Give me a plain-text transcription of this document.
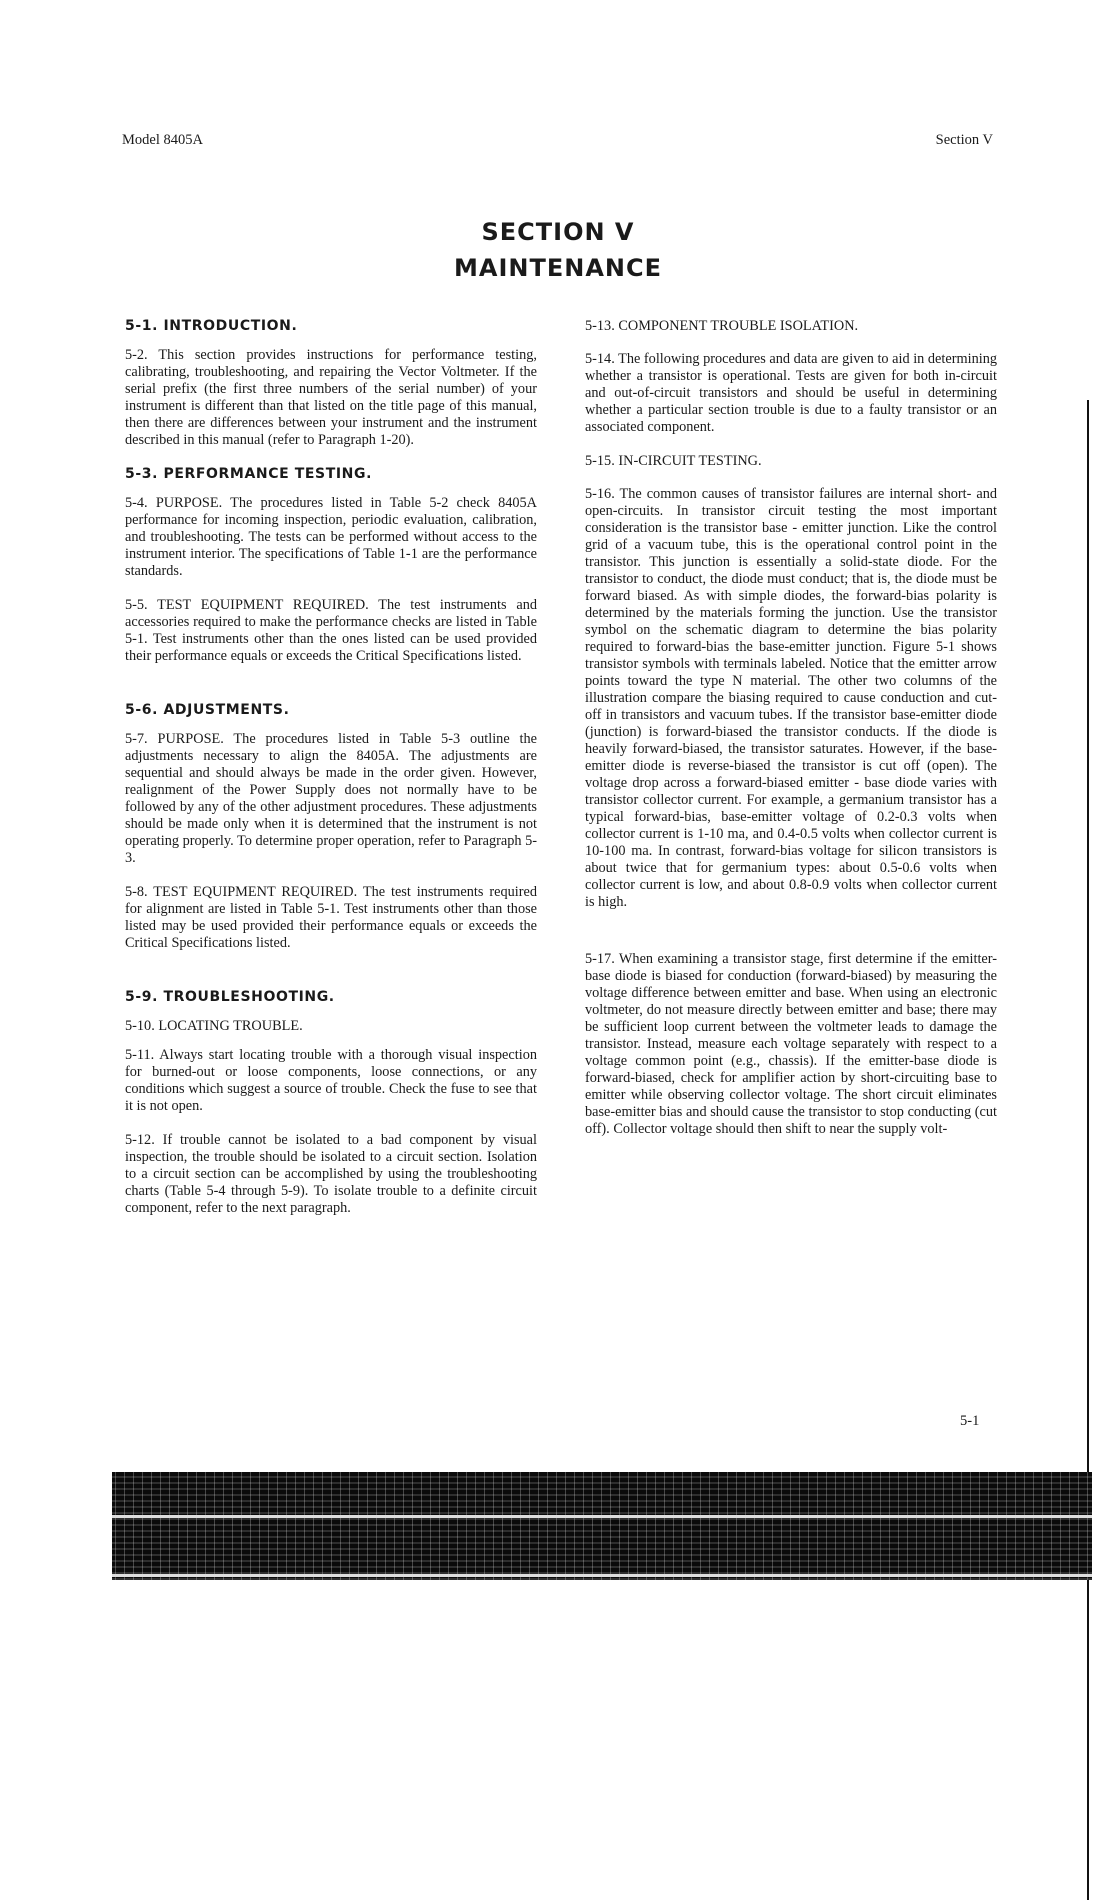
Model 8405A	Section V
SECTION V
MAINTENANCE
5-1. INTRODUCTION.
5-2. This section provides instructions for performance testing, calibrating, troubleshooting, and repairing the Vector Voltmeter. If the serial prefix (the first three numbers of the serial number) of your instrument is different than that listed on the title page of this manual, then there are differences between your instrument and the instrument described in this manual (refer to Paragraph 1-20).
5-3. PERFORMANCE TESTING.
5-4. PURPOSE. The procedures listed in Table 5-2 check 8405A performance for incoming inspection, periodic evaluation, calibration, and troubleshooting. The tests can be performed without access to the instrument interior. The specifications of Table 1-1 are the performance standards.
5-5. TEST EQUIPMENT REQUIRED. The test instruments and accessories required to make the performance checks are listed in Table 5-1. Test instruments other than the ones listed can be used provided their performance equals or exceeds the Critical Specifications listed.
5-6. ADJUSTMENTS.
5-7. PURPOSE. The procedures listed in Table 5-3 outline the adjustments necessary to align the 8405A. The adjustments are sequential and should always be made in the order given. However, realignment of the Power Supply does not normally have to be followed by any of the other adjustment procedures. These adjustments should be made only when it is determined that the instrument is not operating properly. To determine proper operation, refer to Paragraph 5-3.
5-8. TEST EQUIPMENT REQUIRED. The test instruments required for alignment are listed in Table 5-1. Test instruments other than those listed may be used provided their performance equals or exceeds the Critical Specifications listed.
5-9. TROUBLESHOOTING.
5-10. LOCATING TROUBLE.
5-11. Always start locating trouble with a thorough visual inspection for burned-out or loose components, loose connections, or any conditions which suggest a source of trouble. Check the fuse to see that it is not open.
5-12. If trouble cannot be isolated to a bad component by visual inspection, the trouble should be isolated to a circuit section. Isolation to a circuit section can be accomplished by using the troubleshooting charts (Table 5-4 through 5-9). To isolate trouble to a definite circuit component, refer to the next paragraph.
5-13. COMPONENT TROUBLE ISOLATION.
5-14. The following procedures and data are given to aid in determining whether a transistor is operational. Tests are given for both in-circuit and out-of-circuit transistors and should be useful in determining whether a particular section trouble is due to a faulty transistor or an associated component.
5-15. IN-CIRCUIT TESTING.
5-16. The common causes of transistor failures are internal short- and open-circuits. In transistor circuit testing the most important consideration is the transistor base - emitter junction. Like the control grid of a vacuum tube, this is the operational control point in the transistor. This junction is essentially a solid-state diode. For the transistor to conduct, the diode must conduct; that is, the diode must be forward biased. As with simple diodes, the forward-bias polarity is determined by the materials forming the junction. Use the transistor symbol on the schematic diagram to determine the bias polarity required to forward-bias the base-emitter junction. Figure 5-1 shows transistor symbols with terminals labeled. Notice that the emitter arrow points toward the type N material. The other two columns of the illustration compare the biasing required to cause conduction and cut-off in transistors and vacuum tubes. If the transistor base-emitter diode (junction) is forward-biased the transistor conducts. If the diode is heavily forward-biased, the transistor saturates. However, if the base-emitter diode is reverse-biased the transistor is cut off (open). The voltage drop across a forward-biased emitter - base diode varies with transistor collector current. For example, a germanium transistor has a typical forward-bias, base-emitter voltage of 0.2-0.3 volts when collector current is 1-10 ma, and 0.4-0.5 volts when collector current is 10-100 ma. In contrast, forward-bias voltage for silicon transistors is about twice that for germanium types: about 0.5-0.6 volts when collector current is low, and about 0.8-0.9 volts when collector current is high.
5-17. When examining a transistor stage, first determine if the emitter-base diode is biased for conduction (forward-biased) by measuring the voltage difference between emitter and base. When using an electronic voltmeter, do not measure directly between emitter and base; there may be sufficient loop current between the voltmeter leads to damage the transistor. Instead, measure each voltage separately with respect to a voltage common point (e.g., chassis). If the emitter-base diode is forward-biased, check for amplifier action by short-circuiting base to emitter while observing collector voltage. The short circuit eliminates base-emitter bias and should cause the transistor to stop conducting (cut off). Collector voltage should then shift to near the supply volt-
5-1
